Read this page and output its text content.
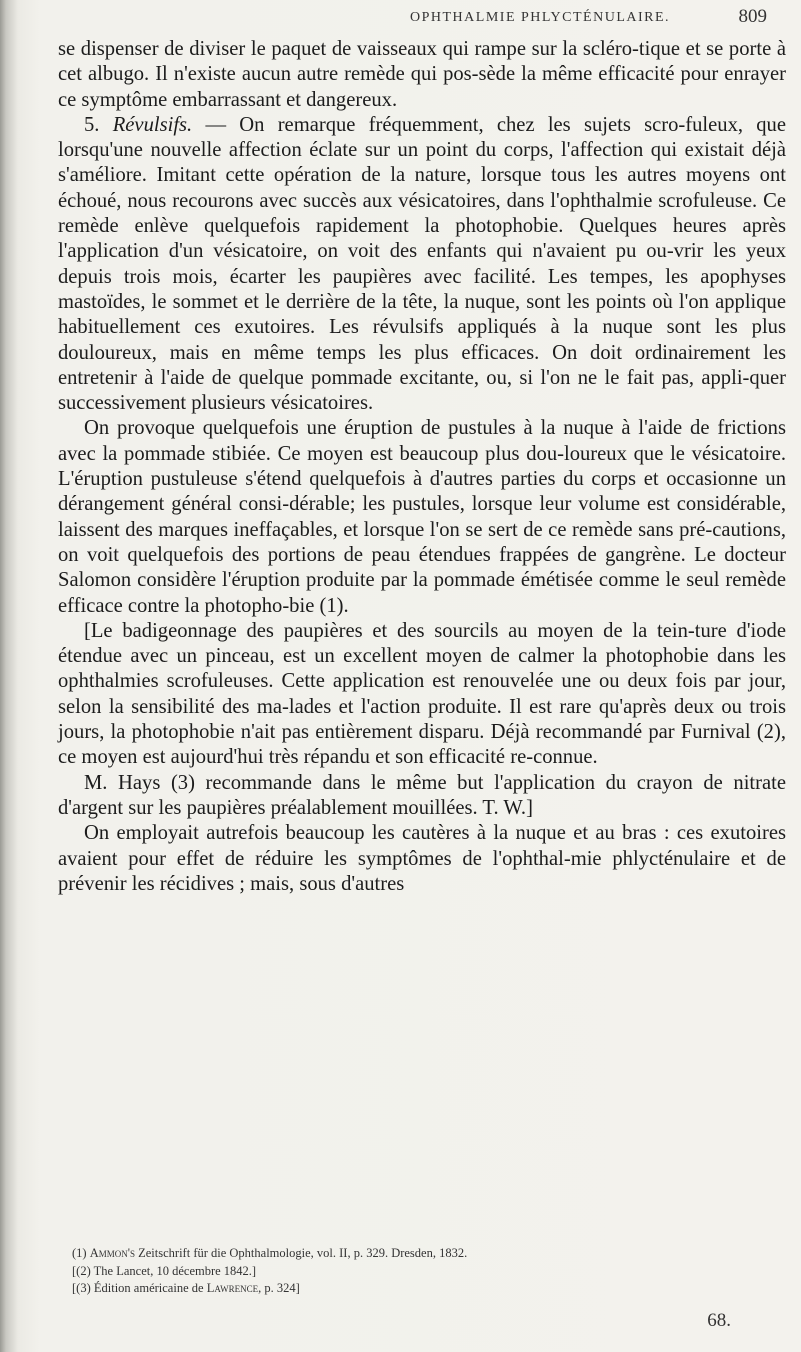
OPHTHALMIE PHLYCTÉNULAIRE.	809

se dispenser de diviser le paquet de vaisseaux qui rampe sur la scléro-tique et se porte à cet albugo. Il n'existe aucun autre remède qui pos-sède la même efficacité pour enrayer ce symptôme embarrassant et dangereux.

5. Révulsifs. — On remarque fréquemment, chez les sujets scro-fuleux, que lorsqu'une nouvelle affection éclate sur un point du corps, l'affection qui existait déjà s'améliore. Imitant cette opération de la nature, lorsque tous les autres moyens ont échoué, nous recourons avec succès aux vésicatoires, dans l'ophthalmie scrofuleuse. Ce remède enlève quelquefois rapidement la photophobie. Quelques heures après l'application d'un vésicatoire, on voit des enfants qui n'avaient pu ou-vrir les yeux depuis trois mois, écarter les paupières avec facilité. Les tempes, les apophyses mastoïdes, le sommet et le derrière de la tête, la nuque, sont les points où l'on applique habituellement ces exutoires. Les révulsifs appliqués à la nuque sont les plus douloureux, mais en même temps les plus efficaces. On doit ordinairement les entretenir à l'aide de quelque pommade excitante, ou, si l'on ne le fait pas, appli-quer successivement plusieurs vésicatoires.

On provoque quelquefois une éruption de pustules à la nuque à l'aide de frictions avec la pommade stibiée. Ce moyen est beaucoup plus dou-loureux que le vésicatoire. L'éruption pustuleuse s'étend quelquefois à d'autres parties du corps et occasionne un dérangement général consi-dérable; les pustules, lorsque leur volume est considérable, laissent des marques ineffaçables, et lorsque l'on se sert de ce remède sans pré-cautions, on voit quelquefois des portions de peau étendues frappées de gangrène. Le docteur Salomon considère l'éruption produite par la pommade émétisée comme le seul remède efficace contre la photopho-bie (1).

[Le badigeonnage des paupières et des sourcils au moyen de la tein-ture d'iode étendue avec un pinceau, est un excellent moyen de calmer la photophobie dans les ophthalmies scrofuleuses. Cette application est renouvelée une ou deux fois par jour, selon la sensibilité des ma-lades et l'action produite. Il est rare qu'après deux ou trois jours, la photophobie n'ait pas entièrement disparu. Déjà recommandé par Furnival (2), ce moyen est aujourd'hui très répandu et son efficacité re-connue.

M. Hays (3) recommande dans le même but l'application du crayon de nitrate d'argent sur les paupières préalablement mouillées. T. W.]

On employait autrefois beaucoup les cautères à la nuque et au bras : ces exutoires avaient pour effet de réduire les symptômes de l'ophthal-mie phlycténulaire et de prévenir les récidives ; mais, sous d'autres

(1) Ammon's Zeitschrift für die Ophthalmologie, vol. II, p. 329. Dresden, 1832.
[(2) The Lancet, 10 décembre 1842.]
[(3) Édition américaine de Lawrence, p. 324]
68.
